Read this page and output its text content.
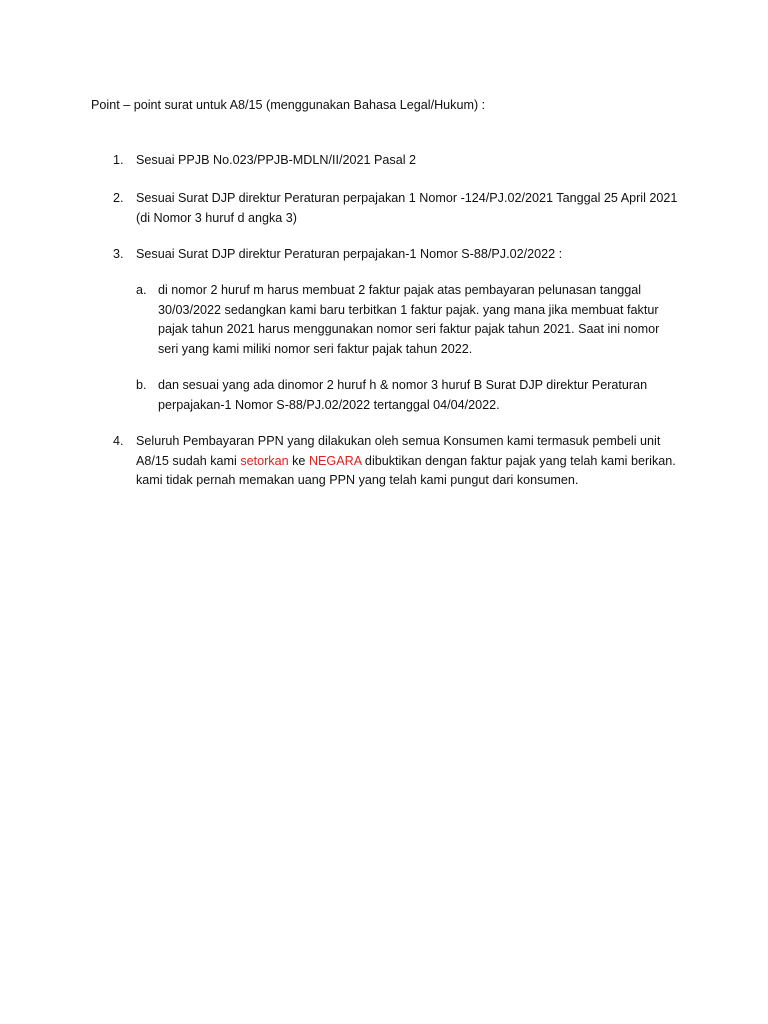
Point – point surat untuk A8/15 (menggunakan Bahasa Legal/Hukum) :
1. Sesuai PPJB No.023/PPJB-MDLN/II/2021 Pasal 2
2. Sesuai Surat DJP direktur Peraturan perpajakan 1 Nomor -124/PJ.02/2021 Tanggal 25 April 2021
(di Nomor 3 huruf d angka 3)
3. Sesuai Surat DJP direktur Peraturan perpajakan-1 Nomor S-88/PJ.02/2022 :
a. di nomor 2 huruf m harus membuat 2 faktur pajak atas pembayaran pelunasan tanggal
30/03/2022 sedangkan kami baru terbitkan 1 faktur pajak. yang mana jika membuat faktur
pajak tahun 2021 harus menggunakan nomor seri faktur pajak tahun 2021. Saat ini nomor
seri yang kami miliki nomor seri faktur pajak tahun 2022.
b. dan sesuai yang ada dinomor 2 huruf h & nomor 3 huruf B Surat DJP direktur Peraturan
perpajakan-1 Nomor S-88/PJ.02/2022 tertanggal 04/04/2022.
4. Seluruh Pembayaran PPN yang dilakukan oleh semua Konsumen kami termasuk pembeli unit
A8/15 sudah kami setorkan ke NEGARA dibuktikan dengan faktur pajak yang telah kami berikan.
kami tidak pernah memakan uang PPN yang telah kami pungut dari konsumen.
